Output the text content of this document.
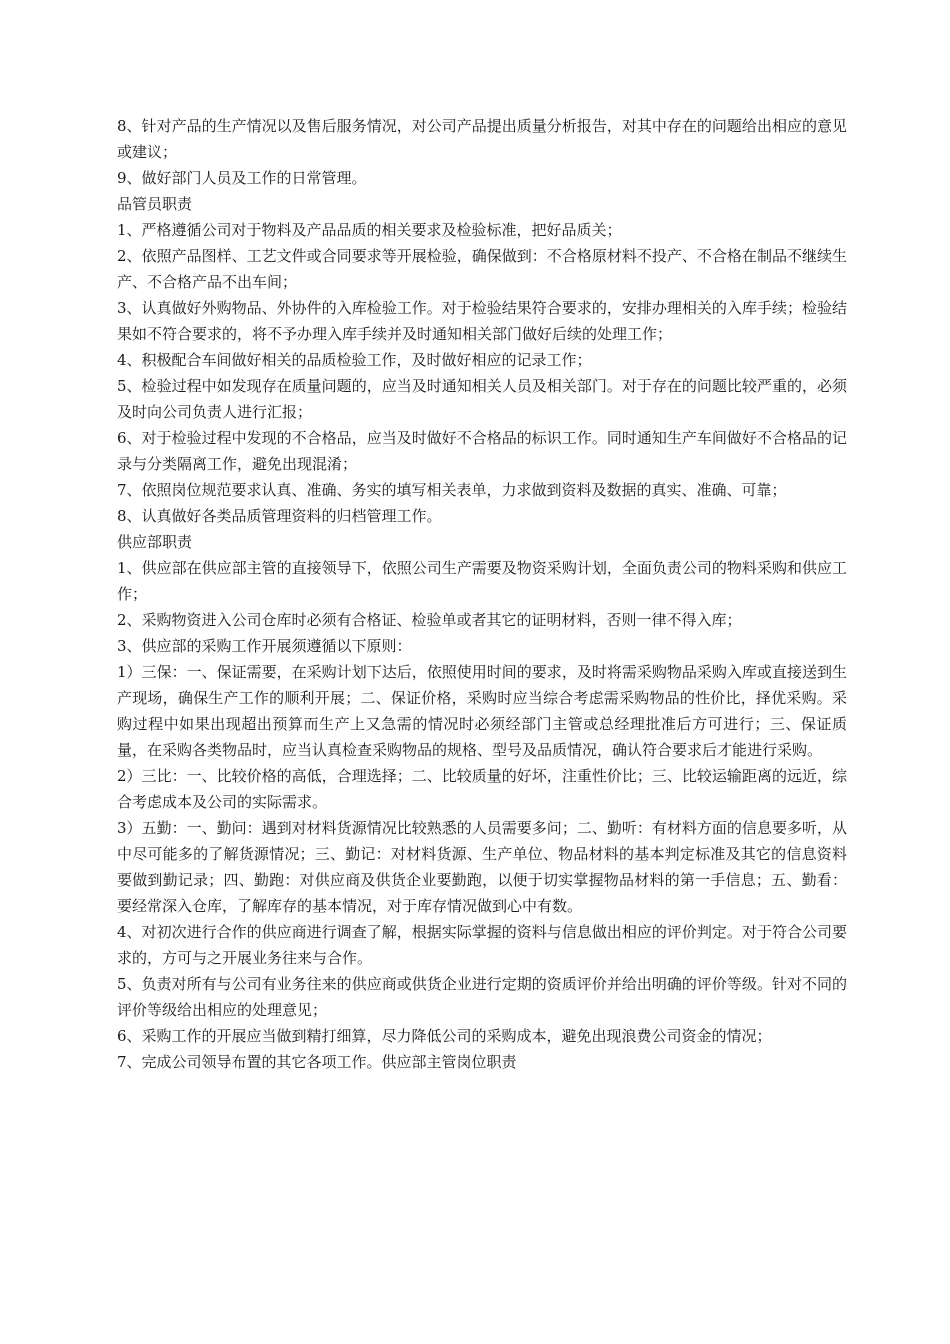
8、针对产品的生产情况以及售后服务情况，对公司产品提出质量分析报告，对其中存在的问题给出相应的意见或建议；

9、做好部门人员及工作的日常管理。

品管员职责

1、严格遵循公司对于物料及产品品质的相关要求及检验标准，把好品质关；

2、依照产品图样、工艺文件或合同要求等开展检验，确保做到：不合格原材料不投产、不合格在制品不继续生产、不合格产品不出车间；

3、认真做好外购物品、外协件的入库检验工作。对于检验结果符合要求的，安排办理相关的入库手续；检验结果如不符合要求的，将不予办理入库手续并及时通知相关部门做好后续的处理工作；

4、积极配合车间做好相关的品质检验工作，及时做好相应的记录工作；

5、检验过程中如发现存在质量问题的，应当及时通知相关人员及相关部门。对于存在的问题比较严重的，必须及时向公司负责人进行汇报；

6、对于检验过程中发现的不合格品，应当及时做好不合格品的标识工作。同时通知生产车间做好不合格品的记录与分类隔离工作，避免出现混淆；

7、依照岗位规范要求认真、准确、务实的填写相关表单，力求做到资料及数据的真实、准确、可靠；

8、认真做好各类品质管理资料的归档管理工作。

供应部职责

1、供应部在供应部主管的直接领导下，依照公司生产需要及物资采购计划，全面负责公司的物料采购和供应工作；

2、采购物资进入公司仓库时必须有合格证、检验单或者其它的证明材料，否则一律不得入库；

3、供应部的采购工作开展须遵循以下原则：

1）三保：一、保证需要，在采购计划下达后，依照使用时间的要求，及时将需采购物品采购入库或直接送到生产现场，确保生产工作的顺利开展；二、保证价格，采购时应当综合考虑需采购物品的性价比，择优采购。采购过程中如果出现超出预算而生产上又急需的情况时必须经部门主管或总经理批准后方可进行；三、保证质量，在采购各类物品时，应当认真检查采购物品的规格、型号及品质情况，确认符合要求后才能进行采购。

2）三比：一、比较价格的高低，合理选择；二、比较质量的好坏，注重性价比；三、比较运输距离的远近，综合考虑成本及公司的实际需求。

3）五勤：一、勤问：遇到对材料货源情况比较熟悉的人员需要多问；二、勤听：有材料方面的信息要多听，从中尽可能多的了解货源情况；三、勤记：对材料货源、生产单位、物品材料的基本判定标准及其它的信息资料要做到勤记录；四、勤跑：对供应商及供货企业要勤跑，以便于切实掌握物品材料的第一手信息；五、勤看：要经常深入仓库，了解库存的基本情况，对于库存情况做到心中有数。

4、对初次进行合作的供应商进行调查了解，根据实际掌握的资料与信息做出相应的评价判定。对于符合公司要求的，方可与之开展业务往来与合作。

5、负责对所有与公司有业务往来的供应商或供货企业进行定期的资质评价并给出明确的评价等级。针对不同的评价等级给出相应的处理意见；

6、采购工作的开展应当做到精打细算，尽力降低公司的采购成本，避免出现浪费公司资金的情况；

7、完成公司领导布置的其它各项工作。供应部主管岗位职责
